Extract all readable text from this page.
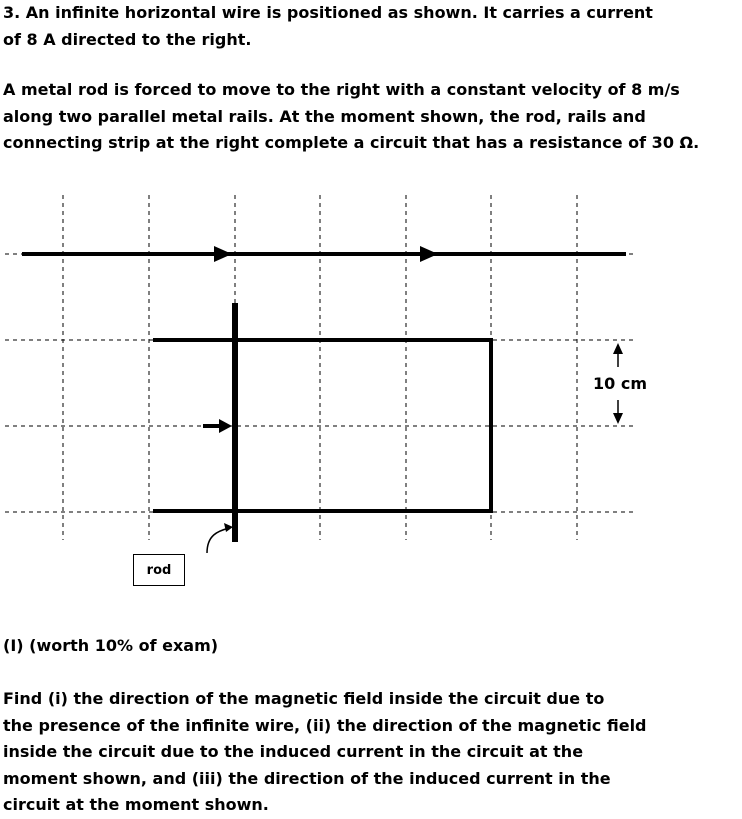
3. An infinite horizontal wire is positioned as shown. It carries a current
of 8 A directed to the right.
A metal rod is forced to move to the right with a constant velocity of 8 m/s
along two parallel metal rails. At the moment shown, the rod, rails and
connecting strip at the right complete a circuit that has a resistance of 30 Ω.
rod
10 cm
(I) (worth 10% of exam)
Find (i) the direction of the magnetic field inside the circuit due to
the presence of the infinite wire, (ii) the direction of the magnetic field
inside the circuit due to the induced current in the circuit at the
moment shown, and (iii) the direction of the induced current in the
circuit at the moment shown.
